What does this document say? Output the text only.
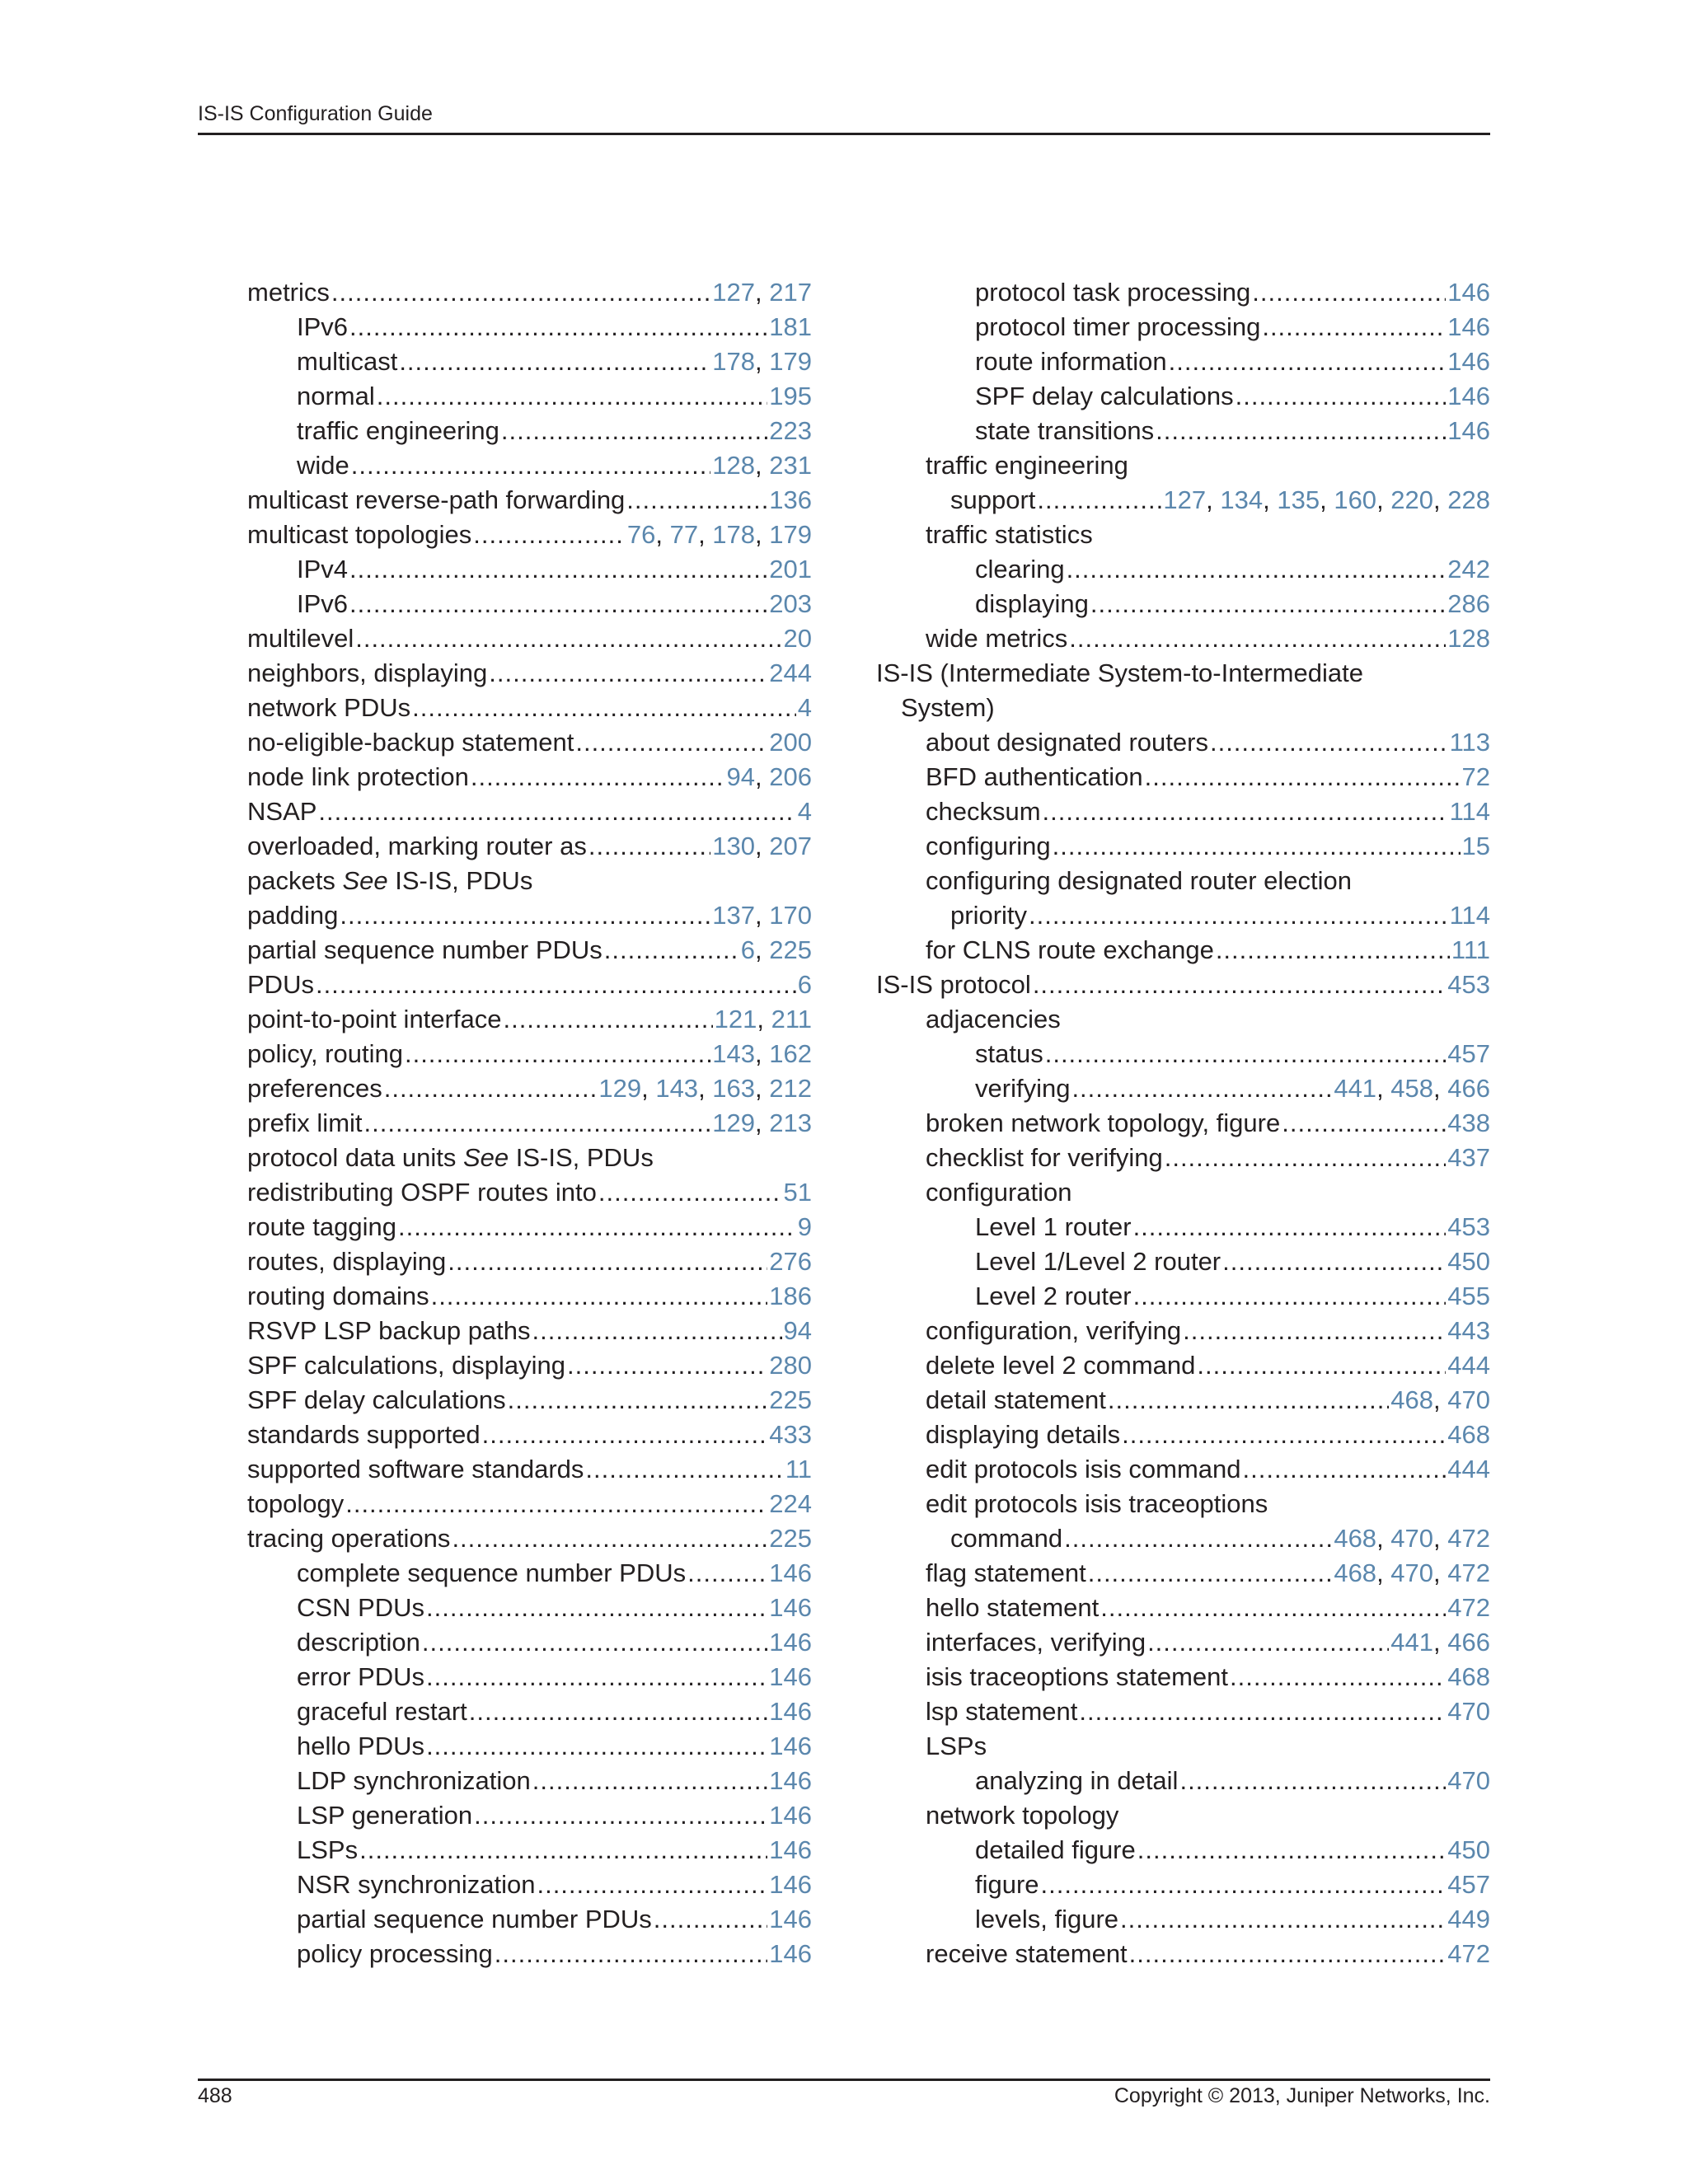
IS-IS Configuration Guide
metrics .....	127, 217
IPv6 .....	181
multicast .....	178, 179
normal .....	195
traffic engineering .....	223
wide .....	128, 231
multicast reverse-path forwarding .....	136
multicast topologies .....	76, 77, 178, 179
IPv4 .....	201
IPv6 .....	203
multilevel .....	20
neighbors, displaying .....	244
network PDUs .....	4
no-eligible-backup statement .....	200
node link protection .....	94, 206
NSAP .....	4
overloaded, marking router as .....	130, 207
packets See IS-IS, PDUs
padding .....	137, 170
partial sequence number PDUs .....	6, 225
PDUs .....	6
point-to-point interface .....	121, 211
policy, routing .....	143, 162
preferences .....	129, 143, 163, 212
prefix limit .....	129, 213
protocol data units See IS-IS, PDUs
redistributing OSPF routes into .....	51
route tagging .....	9
routes, displaying .....	276
routing domains .....	186
RSVP LSP backup paths .....	94
SPF calculations, displaying .....	280
SPF delay calculations .....	225
standards supported .....	433
supported software standards .....	11
topology .....	224
tracing operations .....	225
complete sequence number PDUs .....	146
CSN PDUs .....	146
description .....	146
error PDUs .....	146
graceful restart .....	146
hello PDUs .....	146
LDP synchronization .....	146
LSP generation .....	146
LSPs .....	146
NSR synchronization .....	146
partial sequence number PDUs .....	146
policy processing .....	146
protocol task processing .....	146
protocol timer processing .....	146
route information .....	146
SPF delay calculations .....	146
state transitions .....	146
traffic engineering
support .....	127, 134, 135, 160, 220, 228
traffic statistics
clearing .....	242
displaying .....	286
wide metrics .....	128
IS-IS (Intermediate System-to-Intermediate
System)
about designated routers .....	113
BFD authentication .....	72
checksum .....	114
configuring .....	15
configuring designated router election
priority .....	114
for CLNS route exchange .....	111
IS-IS protocol .....	453
adjacencies
status .....	457
verifying .....	441, 458, 466
broken network topology, figure .....	438
checklist for verifying .....	437
configuration
Level 1 router .....	453
Level 1/Level 2 router .....	450
Level 2 router .....	455
configuration, verifying .....	443
delete level 2 command .....	444
detail statement .....	468, 470
displaying details .....	468
edit protocols isis command .....	444
edit protocols isis traceoptions
command .....	468, 470, 472
flag statement .....	468, 470, 472
hello statement .....	472
interfaces, verifying .....	441, 466
isis traceoptions statement .....	468
lsp statement .....	470
LSPs
analyzing in detail .....	470
network topology
detailed figure .....	450
figure .....	457
levels, figure .....	449
receive statement .....	472
488	Copyright © 2013, Juniper Networks, Inc.
